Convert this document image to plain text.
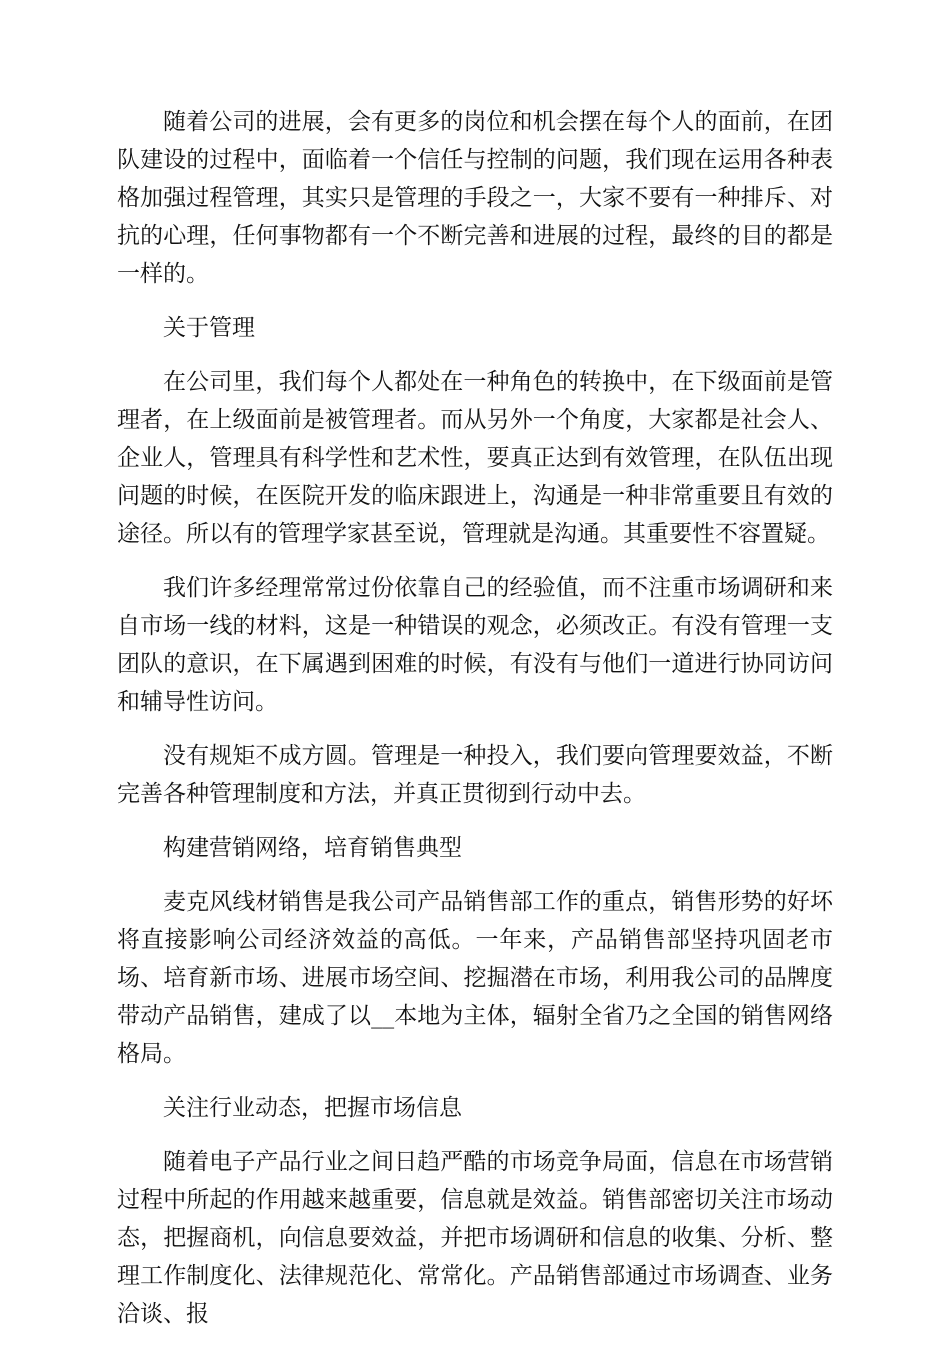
随着公司的进展，会有更多的岗位和机会摆在每个人的面前，在团队建设的过程中，面临着一个信任与控制的问题，我们现在运用各种表格加强过程管理，其实只是管理的手段之一，大家不要有一种排斥、对抗的心理，任何事物都有一个不断完善和进展的过程，最终的目的都是一样的。

关于管理

在公司里，我们每个人都处在一种角色的转换中，在下级面前是管理者，在上级面前是被管理者。而从另外一个角度，大家都是社会人、企业人，管理具有科学性和艺术性，要真正达到有效管理，在队伍出现问题的时候，在医院开发的临床跟进上，沟通是一种非常重要且有效的途径。所以有的管理学家甚至说，管理就是沟通。其重要性不容置疑。

我们许多经理常常过份依靠自己的经验值，而不注重市场调研和来自市场一线的材料，这是一种错误的观念，必须改正。有没有管理一支团队的意识，在下属遇到困难的时候，有没有与他们一道进行协同访问和辅导性访问。

没有规矩不成方圆。管理是一种投入，我们要向管理要效益，不断完善各种管理制度和方法，并真正贯彻到行动中去。

构建营销网络，培育销售典型

麦克风线材销售是我公司产品销售部工作的重点，销售形势的好坏将直接影响公司经济效益的高低。一年来，产品销售部坚持巩固老市场、培育新市场、进展市场空间、挖掘潜在市场，利用我公司的品牌度带动产品销售，建成了以__本地为主体，辐射全省乃之全国的销售网络格局。

关注行业动态，把握市场信息

随着电子产品行业之间日趋严酷的市场竞争局面，信息在市场营销过程中所起的作用越来越重要，信息就是效益。销售部密切关注市场动态，把握商机，向信息要效益，并把市场调研和信息的收集、分析、整理工作制度化、法律规范化、常常化。产品销售部通过市场调查、业务洽谈、报
